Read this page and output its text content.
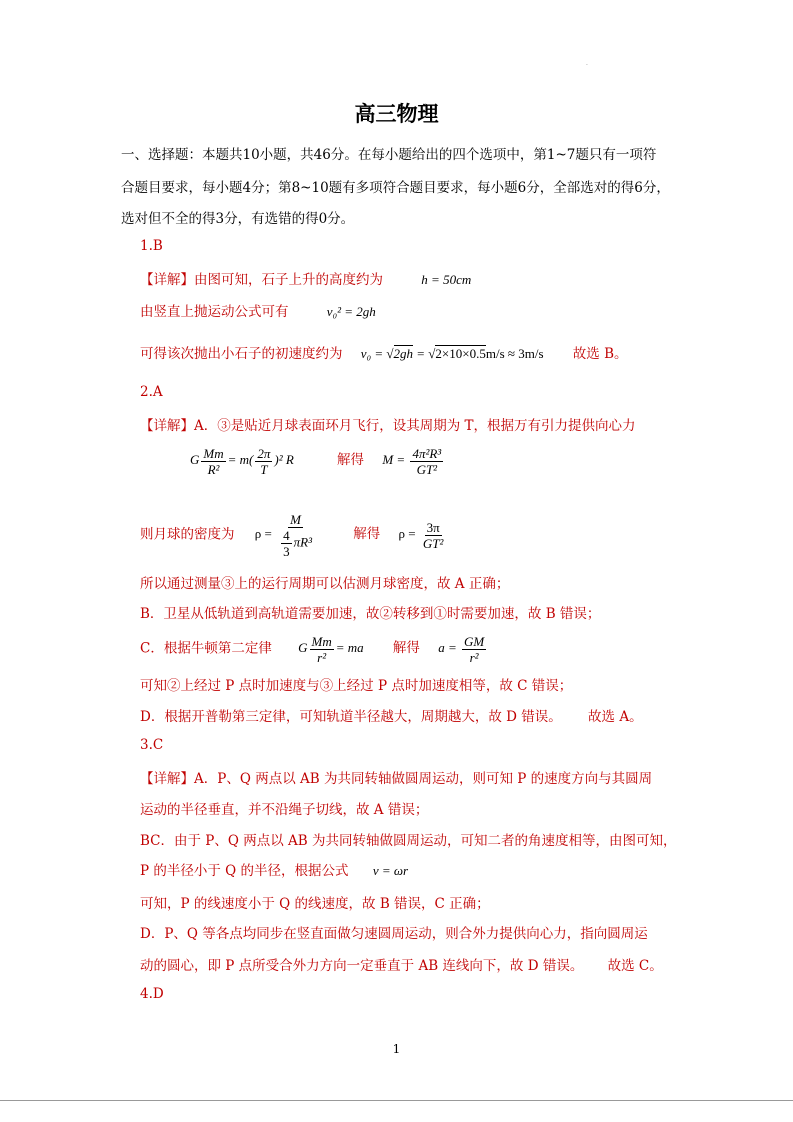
·
高三物理
一、选择题：本题共10小题，共46分。在每小题给出的四个选项中，第1~7题只有一项符
合题目要求，每小题4分；第8~10题有多项符合题目要求，每小题6分，全部选对的得6分，
选对但不全的得3分，有选错的得0分。
1.B
【详解】由图可知，石子上升的高度约为	h = 50cm
由竖直上抛运动公式可有	v₀² = 2gh
可得该次抛出小石子的初速度约为 v₀ = √2gh = √2×10×0.5m/s ≈ 3m/s 故选 B。
2.A
【详解】A．③是贴近月球表面环月飞行，设其周期为 T，根据万有引力提供向心力
G $\frac{Mm}{\text{R²}} = m( \frac{2\pi}{T} )^2$ R	解得 $M = \frac{\text{4π²R³}}{\text{GT²}}$
则月球的密度为 $\rho = \frac{M}{\frac{4}{3} \pi R^3}$	解得 $\rho = \frac{3\pi}{\text{GT²}}$
所以通过测量③上的运行周期可以估测月球密度，故 A 正确；
B．卫星从低轨道到高轨道需要加速，故②转移到①时需要加速，故 B 错误；
C．根据牛顿第二定律 G $\frac{Mm}{\text{r²}}$ = ma 解得 $a = \frac{GM}{\text{r²}}$
可知②上经过 P 点时加速度与③上经过 P 点时加速度相等，故 C 错误；
D．根据开普勒第三定律，可知轨道半径越大，周期越大，故 D 错误。 故选 A。
3.C
【详解】A．P、Q 两点以 AB 为共同转轴做圆周运动，则可知 P 的速度方向与其圆周
运动的半径垂直，并不沿绳子切线，故 A 错误；
BC．由于 P、Q 两点以 AB 为共同转轴做圆周运动，可知二者的角速度相等，由图可知，
P 的半径小于 Q 的半径，根据公式 v = ωr
可知，P 的线速度小于 Q 的线速度，故 B 错误，C 正确；
D．P、Q 等各点均同步在竖直面做匀速圆周运动，则合外力提供向心力，指向圆周运
动的圆心，即 P 点所受合外力方向一定垂直于 AB 连线向下，故 D 错误。 故选 C。
4.D
1
